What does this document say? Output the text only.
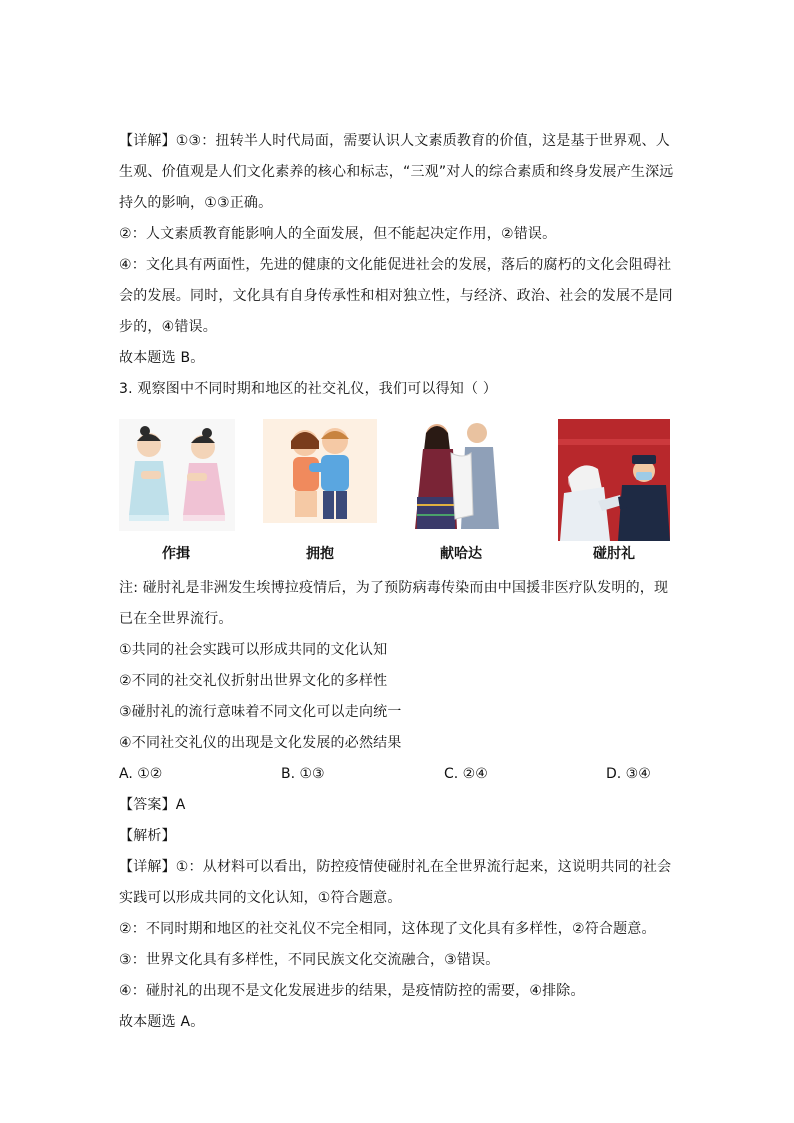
【详解】①③：扭转半人时代局面，需要认识人文素质教育的价值，这是基于世界观、人生观、价值观是人们文化素养的核心和标志，“三观”对人的综合素质和终身发展产生深远持久的影响，①③正确。

②：人文素质教育能影响人的全面发展，但不能起决定作用，②错误。

④：文化具有两面性，先进的健康的文化能促进社会的发展，落后的腐朽的文化会阻碍社会的发展。同时，文化具有自身传承性和相对独立性，与经济、政治、社会的发展不是同步的，④错误。

故本题选 B。

3. 观察图中不同时期和地区的社交礼仪，我们可以得知（ ）

作揖	拥抱	献哈达	碰肘礼

注: 碰肘礼是非洲发生埃博拉疫情后，为了预防病毒传染而由中国援非医疗队发明的，现已在全世界流行。

①共同的社会实践可以形成共同的文化认知

②不同的社交礼仪折射出世界文化的多样性

③碰肘礼的流行意味着不同文化可以走向统一

④不同社交礼仪的出现是文化发展的必然结果

A. ①②	B. ①③	C. ②④	D. ③④

【答案】A

【解析】

【详解】①：从材料可以看出，防控疫情使碰肘礼在全世界流行起来，这说明共同的社会实践可以形成共同的文化认知，①符合题意。

②：不同时期和地区的社交礼仪不完全相同，这体现了文化具有多样性，②符合题意。

③：世界文化具有多样性，不同民族文化交流融合，③错误。

④：碰肘礼的出现不是文化发展进步的结果，是疫情防控的需要，④排除。

故本题选 A。
